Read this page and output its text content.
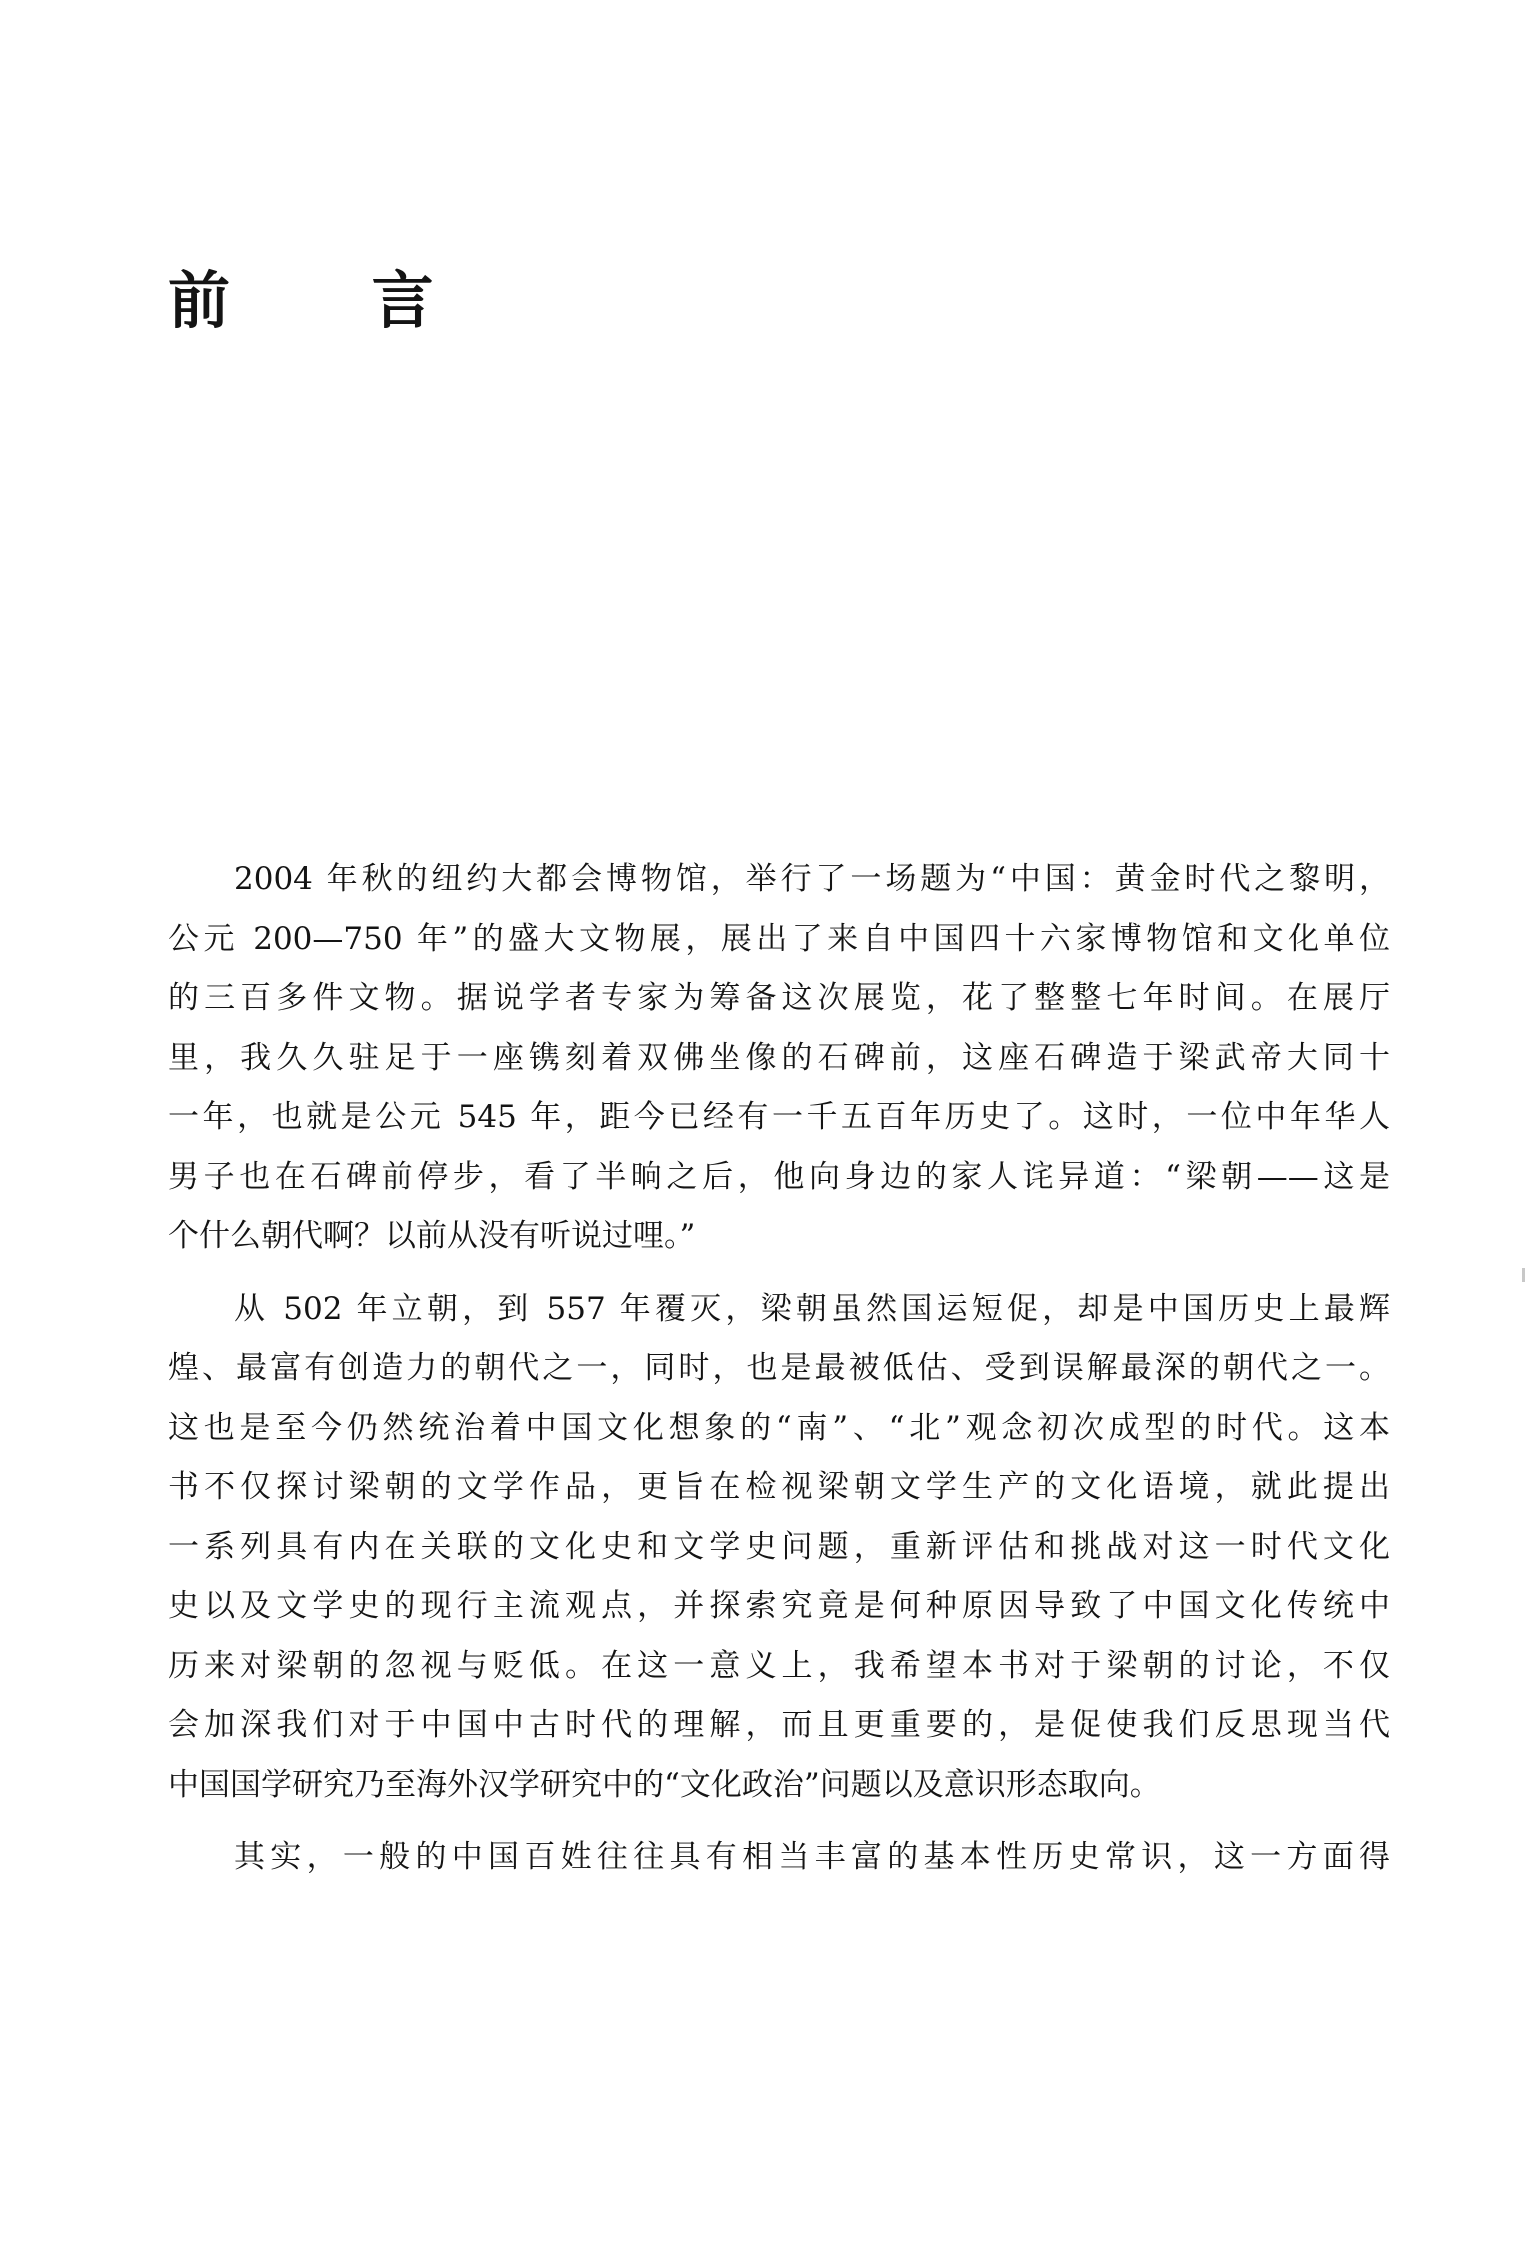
前 言
2004 年秋的纽约大都会博物馆，举行了一场题为“中国：黄金时代之黎明，
公元 200—750 年”的盛大文物展，展出了来自中国四十六家博物馆和文化单位
的三百多件文物。据说学者专家为筹备这次展览，花了整整七年时间。在展厅
里，我久久驻足于一座镌刻着双佛坐像的石碑前，这座石碑造于梁武帝大同十
一年，也就是公元 545 年，距今已经有一千五百年历史了。这时，一位中年华人
男子也在石碑前停步，看了半晌之后，他向身边的家人诧异道：“梁朝——这是
个什么朝代啊？以前从没有听说过哩。”
从 502 年立朝，到 557 年覆灭，梁朝虽然国运短促，却是中国历史上最辉
煌、最富有创造力的朝代之一，同时，也是最被低估、受到误解最深的朝代之一。
这也是至今仍然统治着中国文化想象的“南”、“北”观念初次成型的时代。这本
书不仅探讨梁朝的文学作品，更旨在检视梁朝文学生产的文化语境，就此提出
一系列具有内在关联的文化史和文学史问题，重新评估和挑战对这一时代文化
史以及文学史的现行主流观点，并探索究竟是何种原因导致了中国文化传统中
历来对梁朝的忽视与贬低。在这一意义上，我希望本书对于梁朝的讨论，不仅
会加深我们对于中国中古时代的理解，而且更重要的，是促使我们反思现当代
中国国学研究乃至海外汉学研究中的“文化政治”问题以及意识形态取向。
其实，一般的中国百姓往往具有相当丰富的基本性历史常识，这一方面得
